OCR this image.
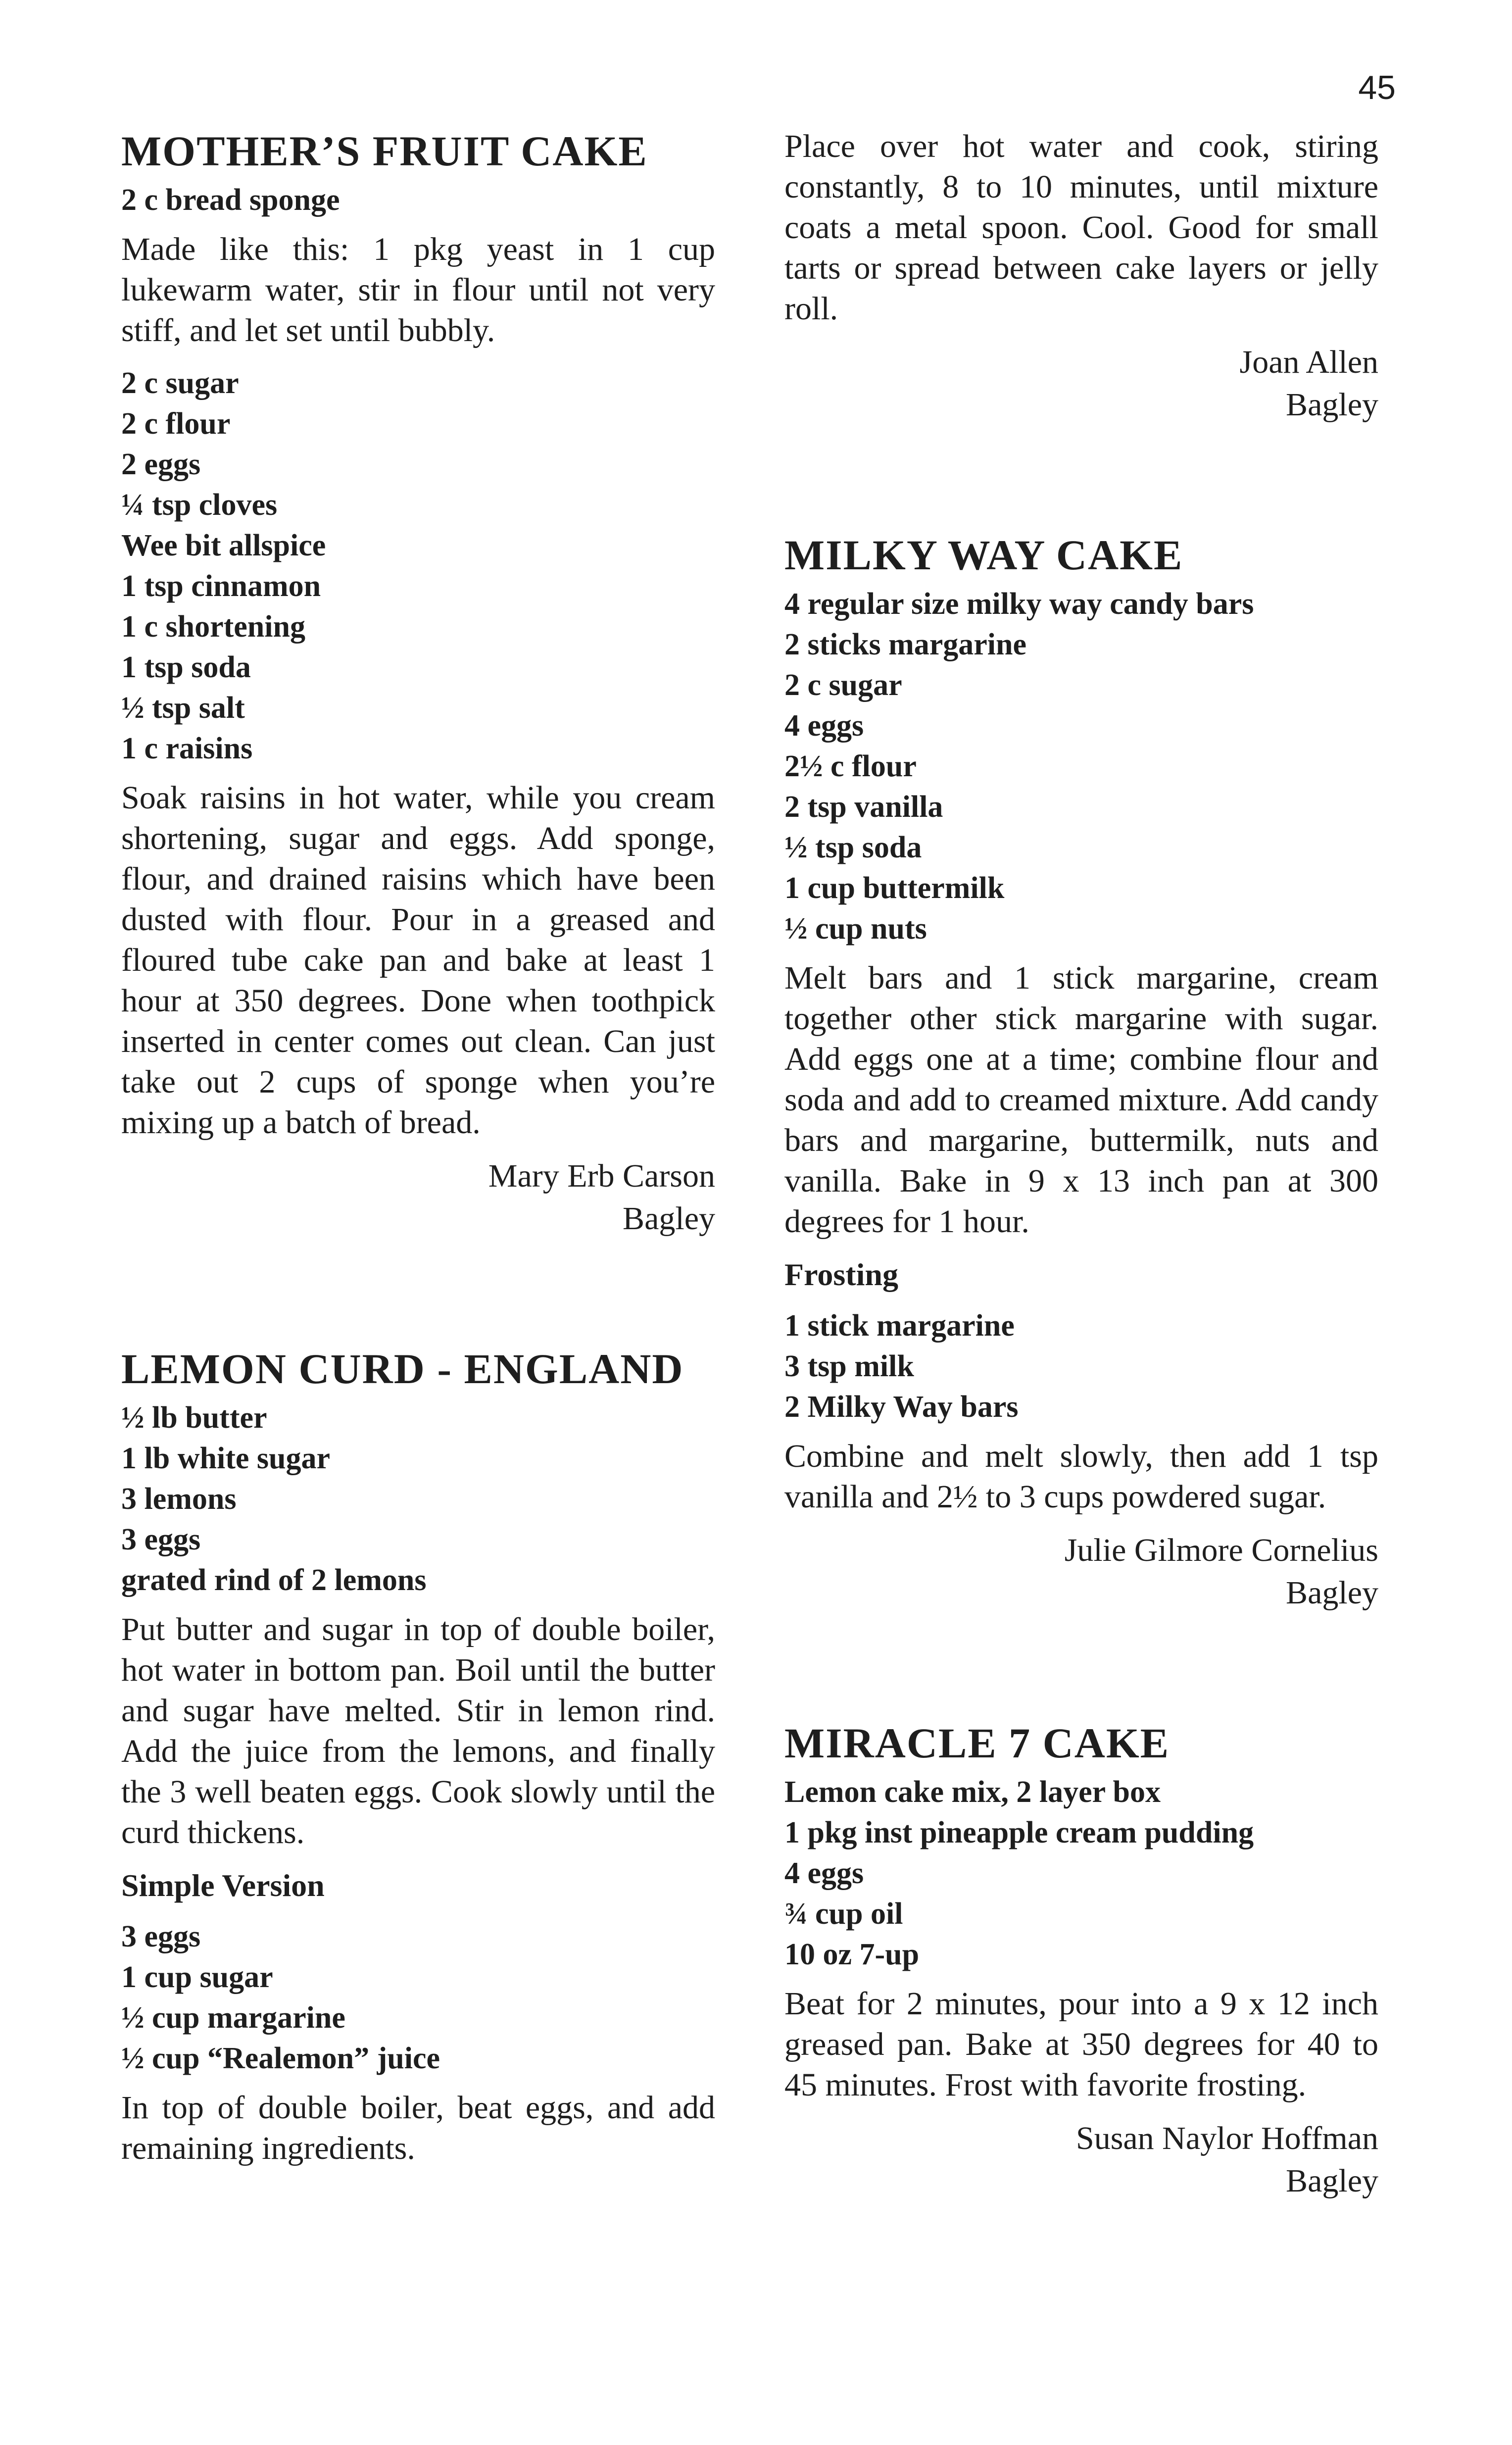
45
MOTHER’S FRUIT CAKE

2 c bread sponge

Made like this: 1 pkg yeast in 1 cup lukewarm water, stir in flour until not very stiff, and let set until bubbly.

2 c sugar

2 c flour

2 eggs

¼ tsp cloves

Wee bit allspice

1 tsp cinnamon

1 c shortening

1 tsp soda

½ tsp salt

1 c raisins

Soak raisins in hot water, while you cream shortening, sugar and eggs. Add sponge, flour, and drained raisins which have been dusted with flour. Pour in a greased and floured tube cake pan and bake at least 1 hour at 350 degrees. Done when toothpick inserted in center comes out clean. Can just take out 2 cups of sponge when you’re mixing up a batch of bread.

Mary Erb Carson

Bagley

LEMON CURD - ENGLAND

½ lb butter

1 lb white sugar

3 lemons

3 eggs

grated rind of 2 lemons

Put butter and sugar in top of double boiler, hot water in bottom pan. Boil until the butter and sugar have melted. Stir in lemon rind. Add the juice from the lemons, and finally the 3 well beaten eggs. Cook slowly until the curd thickens.

Simple Version

3 eggs

1 cup sugar

½ cup margarine

½ cup “Realemon” juice

In top of double boiler, beat eggs, and add remaining ingredients.

Place over hot water and cook, stiring constantly, 8 to 10 minutes, until mixture coats a metal spoon. Cool. Good for small tarts or spread between cake layers or jelly roll.

Joan Allen

Bagley

MILKY WAY CAKE

4 regular size milky way candy bars

2 sticks margarine

2 c sugar

4 eggs

2½ c flour

2 tsp vanilla

½ tsp soda

1 cup buttermilk

½ cup nuts

Melt bars and 1 stick margarine, cream together other stick margarine with sugar. Add eggs one at a time; combine flour and soda and add to creamed mixture. Add candy bars and margarine, buttermilk, nuts and vanilla. Bake in 9 x 13 inch pan at 300 degrees for 1 hour.

Frosting

1 stick margarine

3 tsp milk

2 Milky Way bars

Combine and melt slowly, then add 1 tsp vanilla and 2½ to 3 cups powdered sugar.

Julie Gilmore Cornelius

Bagley

MIRACLE 7 CAKE

Lemon cake mix, 2 layer box

1 pkg inst pineapple cream pudding

4 eggs

¾ cup oil

10 oz 7-up

Beat for 2 minutes, pour into a 9 x 12 inch greased pan. Bake at 350 degrees for 40 to 45 minutes. Frost with favorite frosting.

Susan Naylor Hoffman

Bagley
